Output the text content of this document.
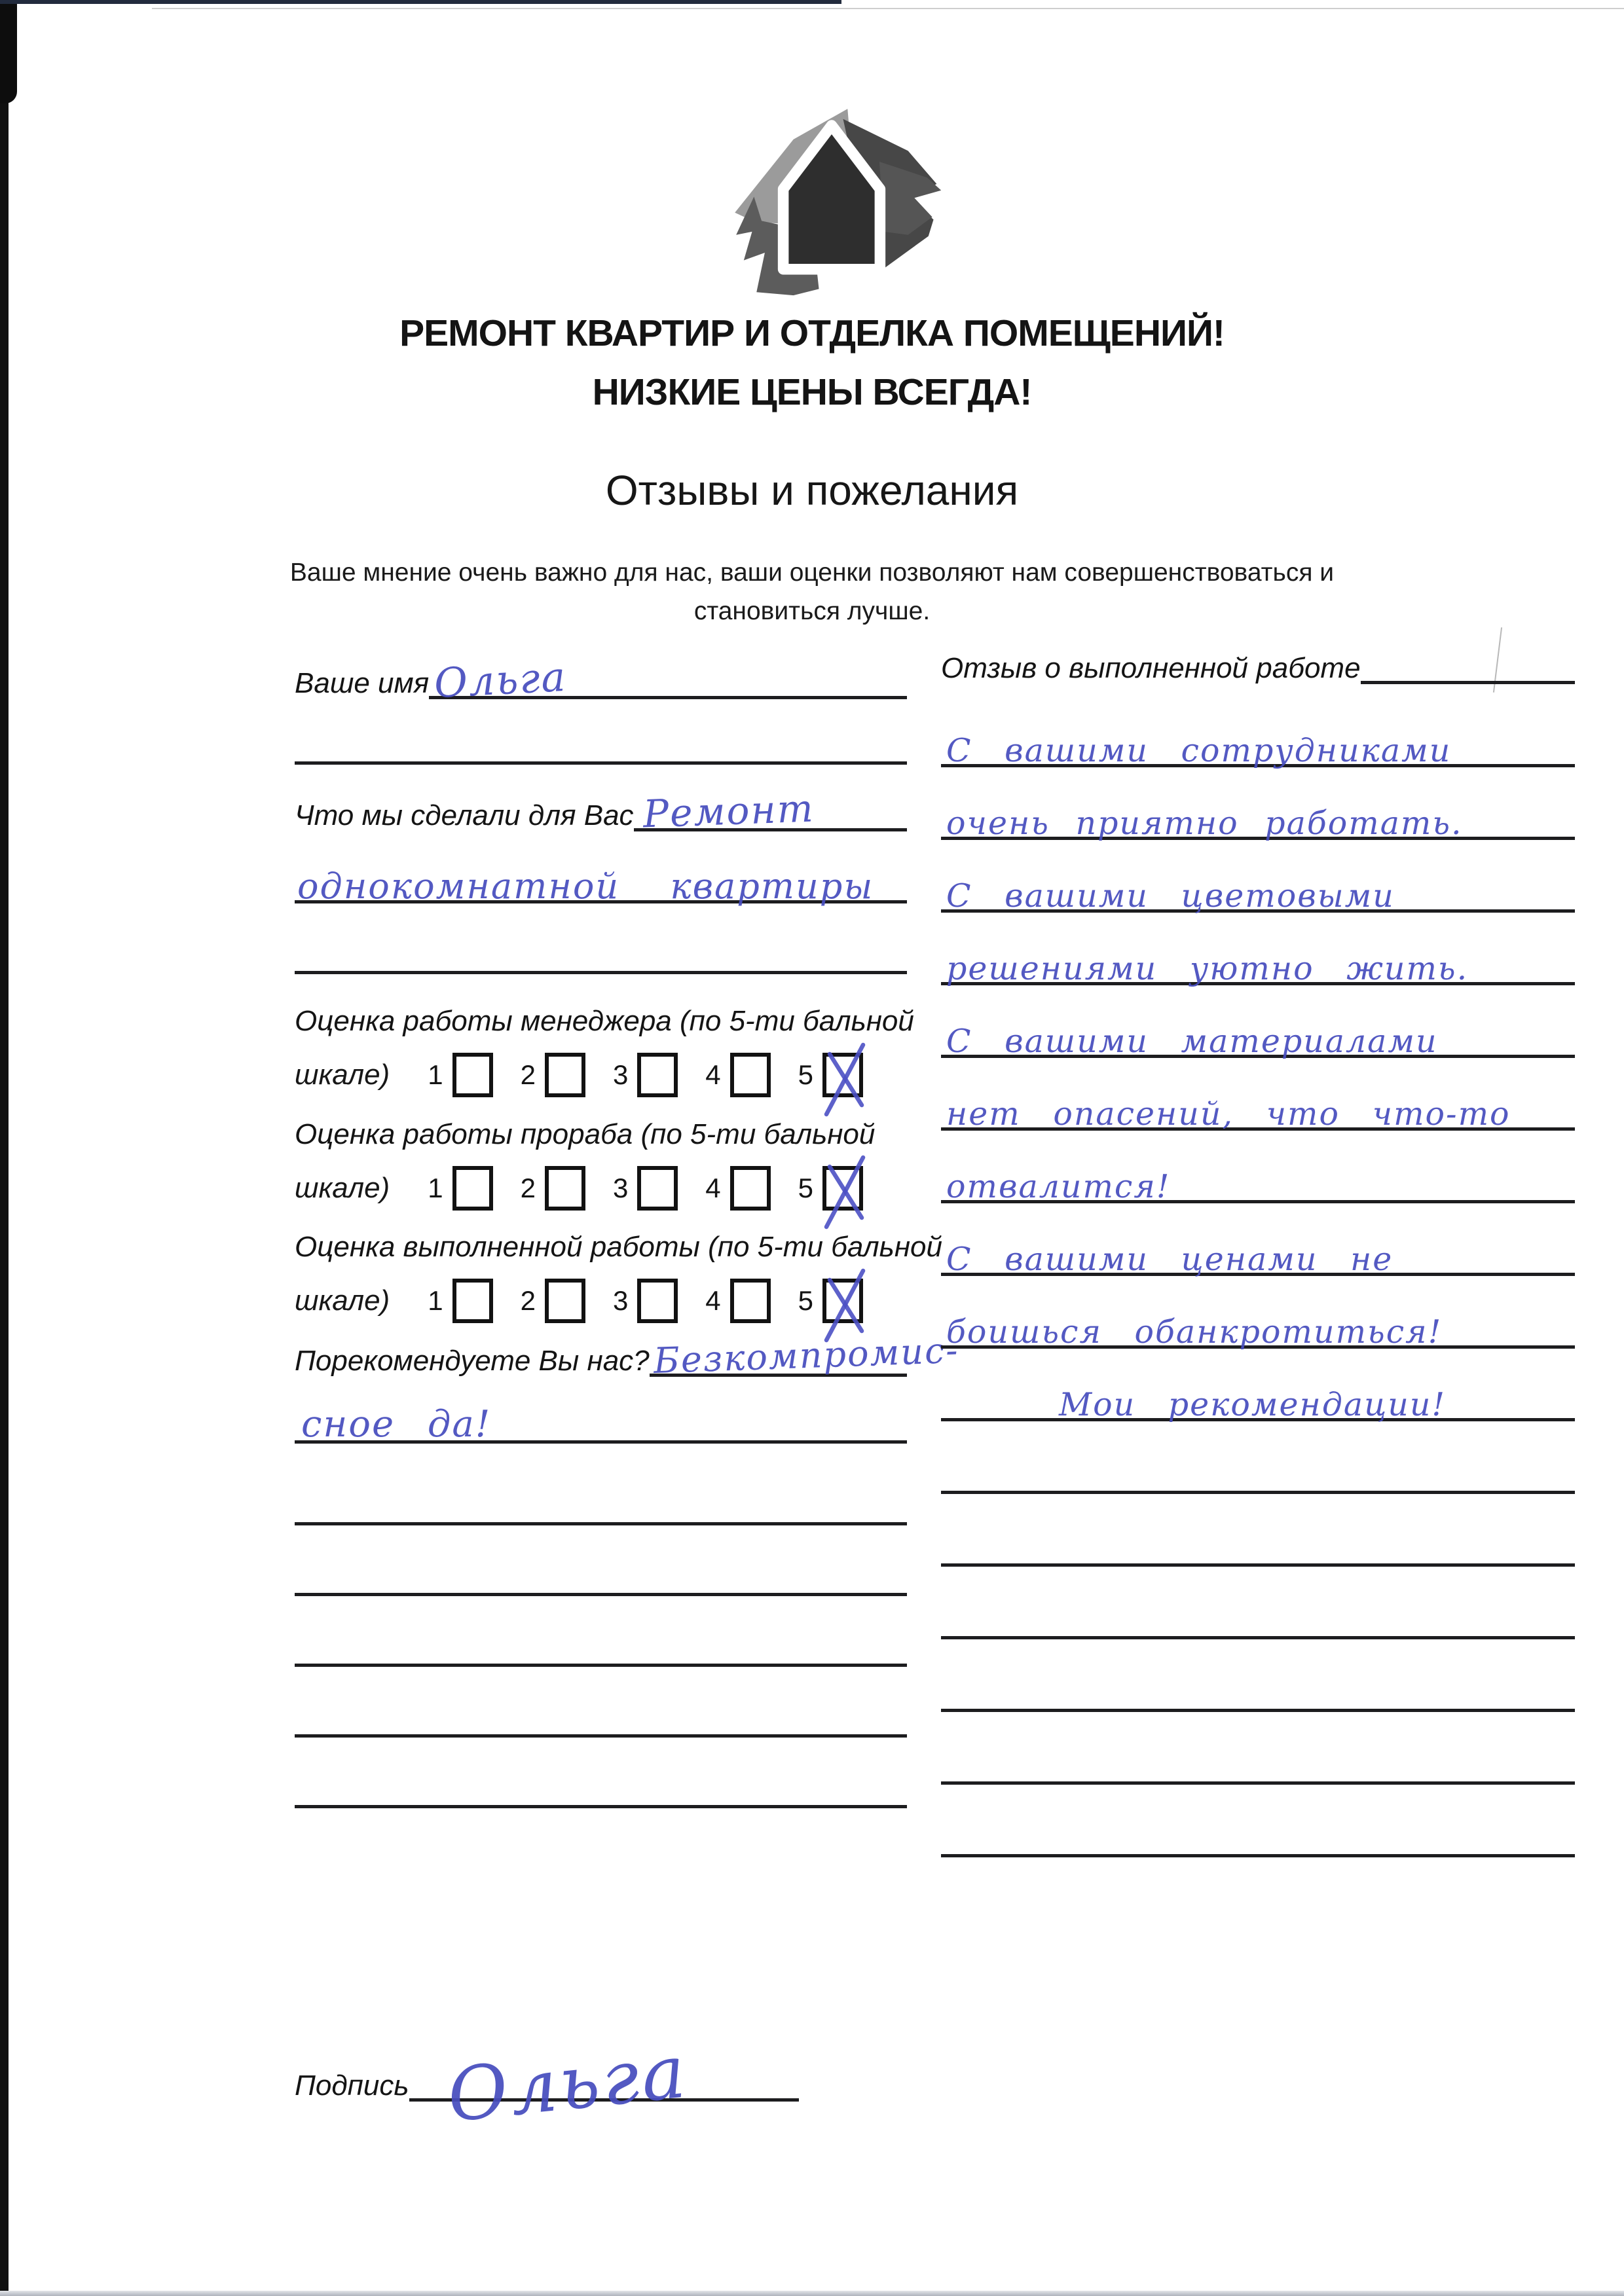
РЕМОНТ КВАРТИР И ОТДЕЛКА ПОМЕЩЕНИЙ!
НИЗКИЕ ЦЕНЫ ВСЕГДА!
Отзывы и пожелания
Ваше мнение очень важно для нас, ваши оценки позволяют нам совершенствоваться и становиться лучше.
Ваше имя Ольга
Что мы сделали для Вас Ремонт
однокомнатной квартиры
Оценка работы менеджера (по 5-ти бальной
шкале) 1	2	3	4	5
Оценка работы прораба (по 5-ти бальной
шкале) 1	2	3	4	5
Оценка выполненной работы (по 5-ти бальной
шкале) 1	2	3	4	5
Порекомендуете Вы нас? Безкомпромис-
сное да!
Отзыв о выполненной работе
С вашими сотрудниками
очень приятно работать.
С вашими цветовыми
решениями уютно жить.
С вашими материалами
нет опасений, что что-то
отвалится!
С вашими ценами не
боишься обанкротиться!
Мои рекомендации!
Подпись Ольга
